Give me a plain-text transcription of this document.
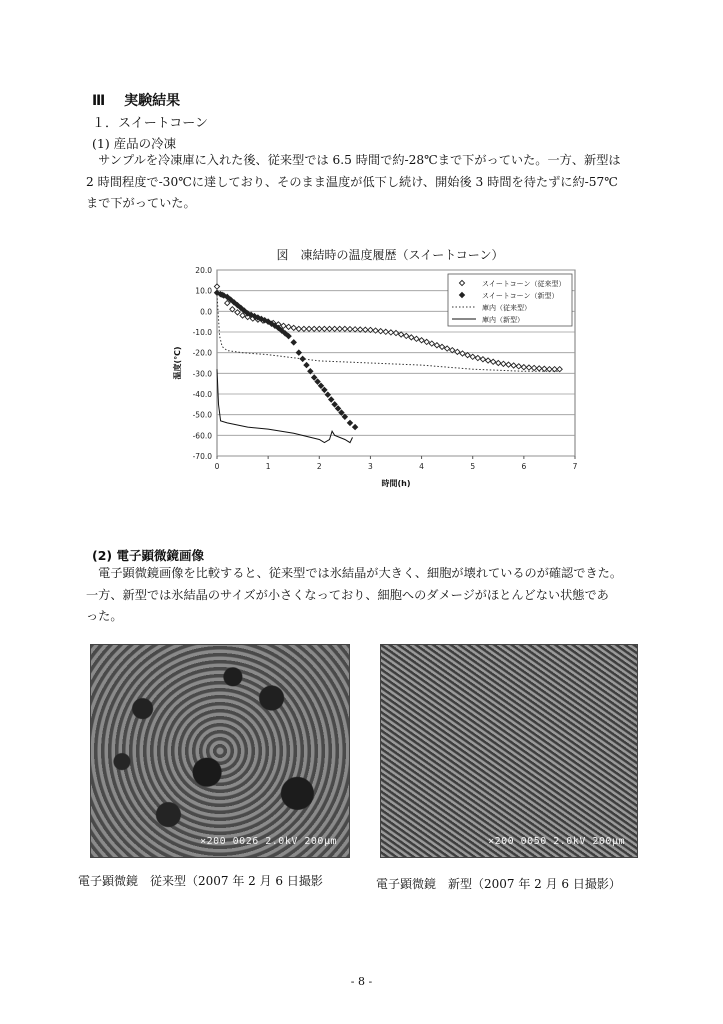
Ⅲ 実験結果
１．スイートコーン
(1) 産品の冷凍

　サンプルを冷凍庫に入れた後、従来型では 6.5 時間で約-28℃まで下がっていた。一方、新型は

2 時間程度で-30℃に達しており、そのまま温度が低下し続け、開始後 3 時間を待たずに約-57℃

まで下がっていた。

図　凍結時の温度履歴（スイートコーン）
20.0
10.0
0.0
-10.0
-20.0
-30.0
-40.0
-50.0
-60.0
-70.0
0	1	2	3	4	5	6	7
時間(h)
温度(℃)
スイートコーン（従来型）
スイートコーン（新型）
庫内（従来型）
庫内（新型）
(2) 電子顕微鏡画像

　電子顕微鏡画像を比較すると、従来型では氷結晶が大きく、細胞が壊れているのが確認できた。

一方、新型では氷結晶のサイズが小さくなっており、細胞へのダメージがほとんどない状態であ

った。

×200 0026 2.0kV 200μm	×200 0050 2.0kV 200μm
電子顕微鏡　従来型（2007 年 2 月 6 日撮影	電子顕微鏡　新型（2007 年 2 月 6 日撮影）
- 8 -
